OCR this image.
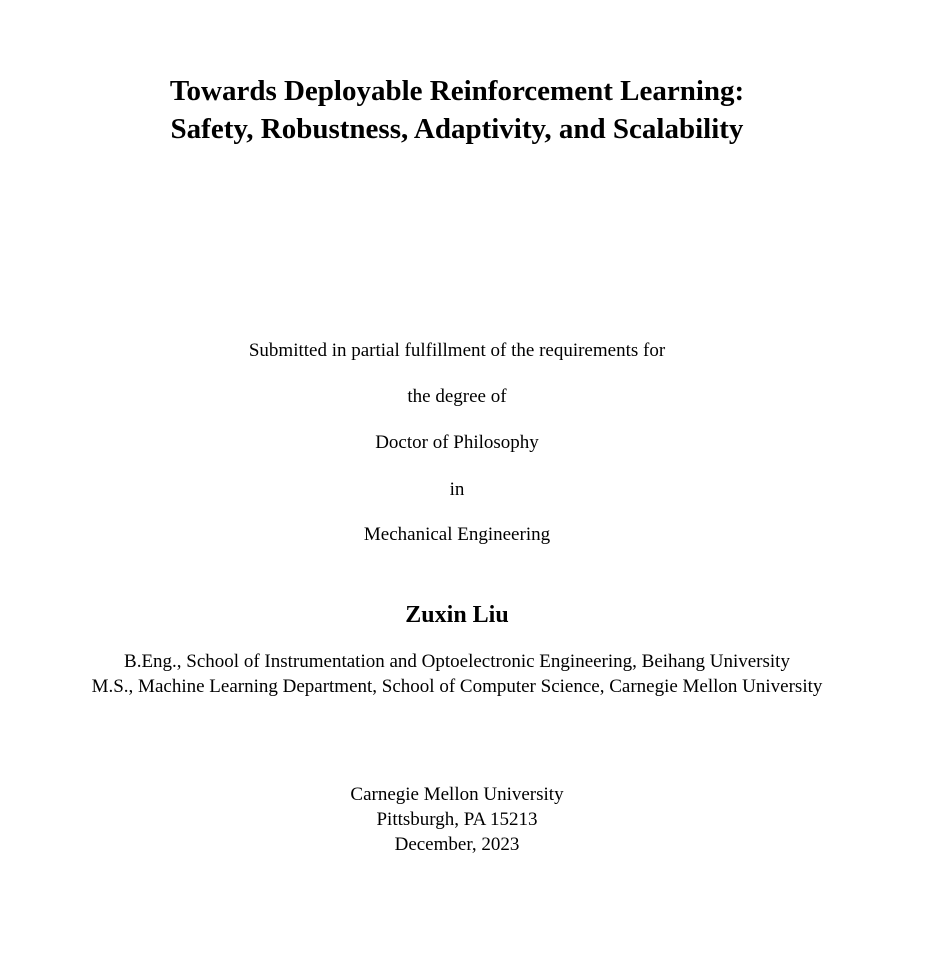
Towards Deployable Reinforcement Learning:
Safety, Robustness, Adaptivity, and Scalability
Submitted in partial fulfillment of the requirements for
the degree of
Doctor of Philosophy
in
Mechanical Engineering
Zuxin Liu
B.Eng., School of Instrumentation and Optoelectronic Engineering, Beihang University
M.S., Machine Learning Department, School of Computer Science, Carnegie Mellon University
Carnegie Mellon University
Pittsburgh, PA 15213
December, 2023
